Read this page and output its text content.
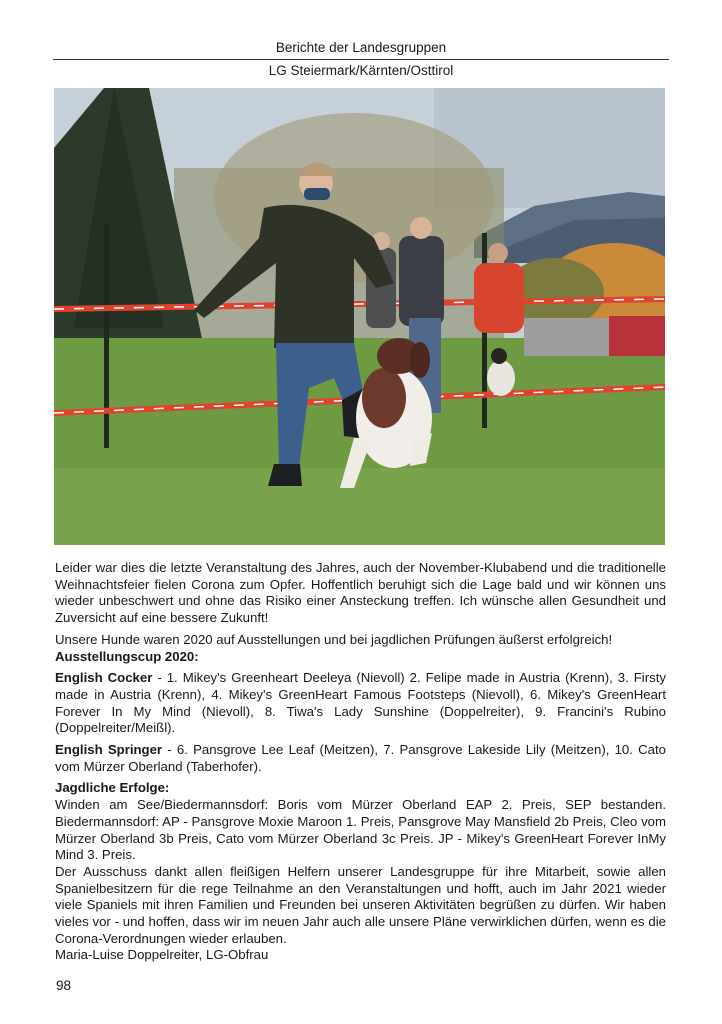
Berichte der Landesgruppen
LG Steiermark/Kärnten/Osttirol

Leider war dies die letzte Veranstaltung des Jahres, auch der November-Klubabend und die traditionelle Weihnachtsfeier fielen Corona zum Opfer. Hoffentlich beruhigt sich die Lage bald und wir können uns wieder unbeschwert und ohne das Risiko einer Ansteckung treffen. Ich wünsche allen Gesundheit und Zuversicht auf eine bessere Zukunft!

Unsere Hunde waren 2020 auf Ausstellungen und bei jagdlichen Prüfungen äußerst erfolgreich!

Ausstellungscup 2020:

English Cocker - 1. Mikey's Greenheart Deeleya (Nievoll) 2. Felipe made in Austria (Krenn), 3. Firsty made in Austria (Krenn), 4. Mikey's GreenHeart Famous Footsteps (Nievoll), 6. Mikey's GreenHeart Forever In My Mind (Nievoll), 8. Tiwa's Lady Sunshine (Doppelreiter), 9. Francini's Rubino (Doppelreiter/Meißl).

English Springer - 6. Pansgrove Lee Leaf (Meitzen), 7. Pansgrove Lakeside Lily (Meitzen), 10. Cato vom Mürzer Oberland (Taberhofer).

Jagdliche Erfolge:

Winden am See/Biedermannsdorf: Boris vom Mürzer Oberland EAP 2. Preis, SEP bestanden. Biedermannsdorf: AP - Pansgrove Moxie Maroon 1. Preis, Pansgrove May Mansfield 2b Preis, Cleo vom Mürzer Oberland 3b Preis, Cato vom Mürzer Oberland 3c Preis. JP - Mikey's GreenHeart Forever InMy Mind 3. Preis.

Der Ausschuss dankt allen fleißigen Helfern unserer Landesgruppe für ihre Mitarbeit, sowie allen Spanielbesitzern für die rege Teilnahme an den Veranstaltungen und hofft, auch im Jahr 2021 wieder viele Spaniels mit ihren Familien und Freunden bei unseren Aktivitäten begrüßen zu dürfen. Wir haben vieles vor - und hoffen, dass wir im neuen Jahr auch alle unsere Pläne verwirklichen dürfen, wenn es die Corona-Verordnungen wieder erlauben.

Maria-Luise Doppelreiter, LG-Obfrau

98
